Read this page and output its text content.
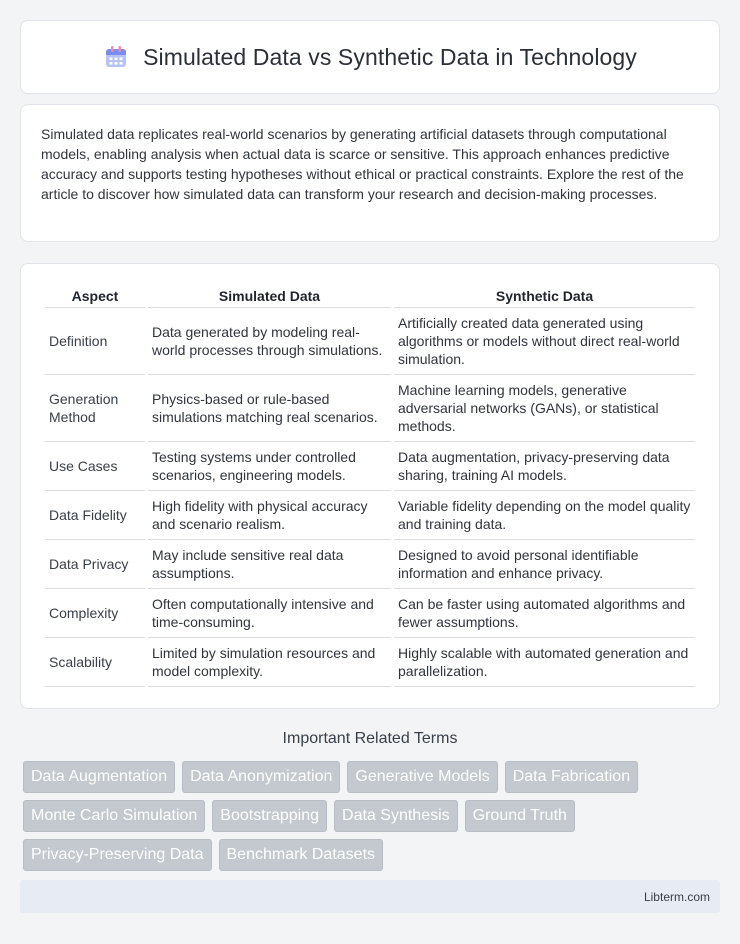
Simulated Data vs Synthetic Data in Technology

Simulated data replicates real-world scenarios by generating artificial datasets through computational models, enabling analysis when actual data is scarce or sensitive. This approach enhances predictive accuracy and supports testing hypotheses without ethical or practical constraints. Explore the rest of the article to discover how simulated data can transform your research and decision-making processes.

Aspect	Simulated Data	Synthetic Data
Definition	Data generated by modeling real-world processes through simulations.	Artificially created data generated using algorithms or models without direct real-world simulation.
Generation Method	Physics-based or rule-based simulations matching real scenarios.	Machine learning models, generative adversarial networks (GANs), or statistical methods.
Use Cases	Testing systems under controlled scenarios, engineering models.	Data augmentation, privacy-preserving data sharing, training AI models.
Data Fidelity	High fidelity with physical accuracy and scenario realism.	Variable fidelity depending on the model quality and training data.
Data Privacy	May include sensitive real data assumptions.	Designed to avoid personal identifiable information and enhance privacy.
Complexity	Often computationally intensive and time-consuming.	Can be faster using automated algorithms and fewer assumptions.
Scalability	Limited by simulation resources and model complexity.	Highly scalable with automated generation and parallelization.
Important Related Terms
Data Augmentation	Data Anonymization	Generative Models	Data Fabrication
Monte Carlo Simulation	Bootstrapping	Data Synthesis	Ground Truth
Privacy-Preserving Data	Benchmark Datasets
Libterm.com
